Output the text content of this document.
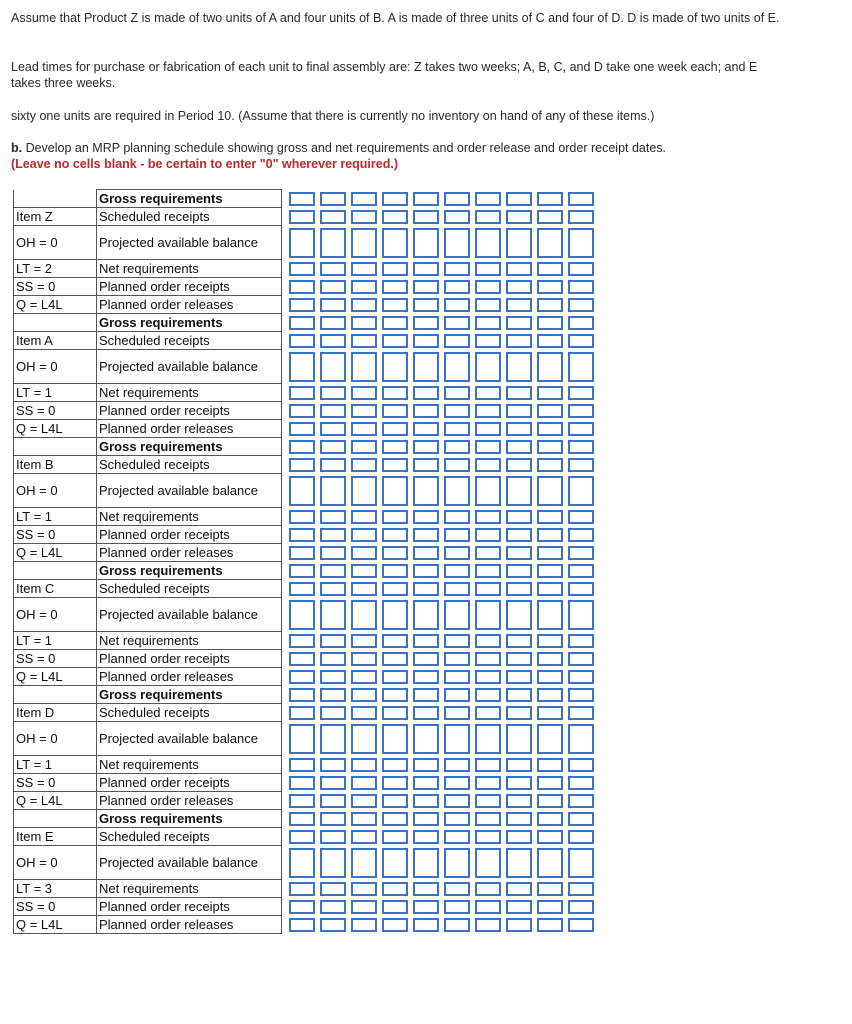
Assume that Product Z is made of two units of A and four units of B. A is made of three units of C and four of D. D is made of two units of E.

Lead times for purchase or fabrication of each unit to final assembly are: Z takes two weeks; A, B, C, and D take one week each; and E takes three weeks.

sixty one units are required in Period 10. (Assume that there is currently no inventory on hand of any of these items.)

b. Develop an MRP planning schedule showing gross and net requirements and order release and order receipt dates.
(Leave no cells blank - be certain to enter "0" wherever required.)

	Gross requirements		

Item Z	Scheduled receipts		

OH = 0	Projected available balance		

LT = 2	Net requirements		

SS = 0	Planned order receipts		

Q = L4L	Planned order releases		

	Gross requirements		

Item A	Scheduled receipts		

OH = 0	Projected available balance		

LT = 1	Net requirements		

SS = 0	Planned order receipts		

Q = L4L	Planned order releases		

	Gross requirements		

Item B	Scheduled receipts		

OH = 0	Projected available balance		

LT = 1	Net requirements		

SS = 0	Planned order receipts		

Q = L4L	Planned order releases		

	Gross requirements		

Item C	Scheduled receipts		

OH = 0	Projected available balance		

LT = 1	Net requirements		

SS = 0	Planned order receipts		

Q = L4L	Planned order releases		

	Gross requirements		

Item D	Scheduled receipts		

OH = 0	Projected available balance		

LT = 1	Net requirements		

SS = 0	Planned order receipts		

Q = L4L	Planned order releases		

	Gross requirements		

Item E	Scheduled receipts		

OH = 0	Projected available balance		

LT = 3	Net requirements		

SS = 0	Planned order receipts		

Q = L4L	Planned order releases		
